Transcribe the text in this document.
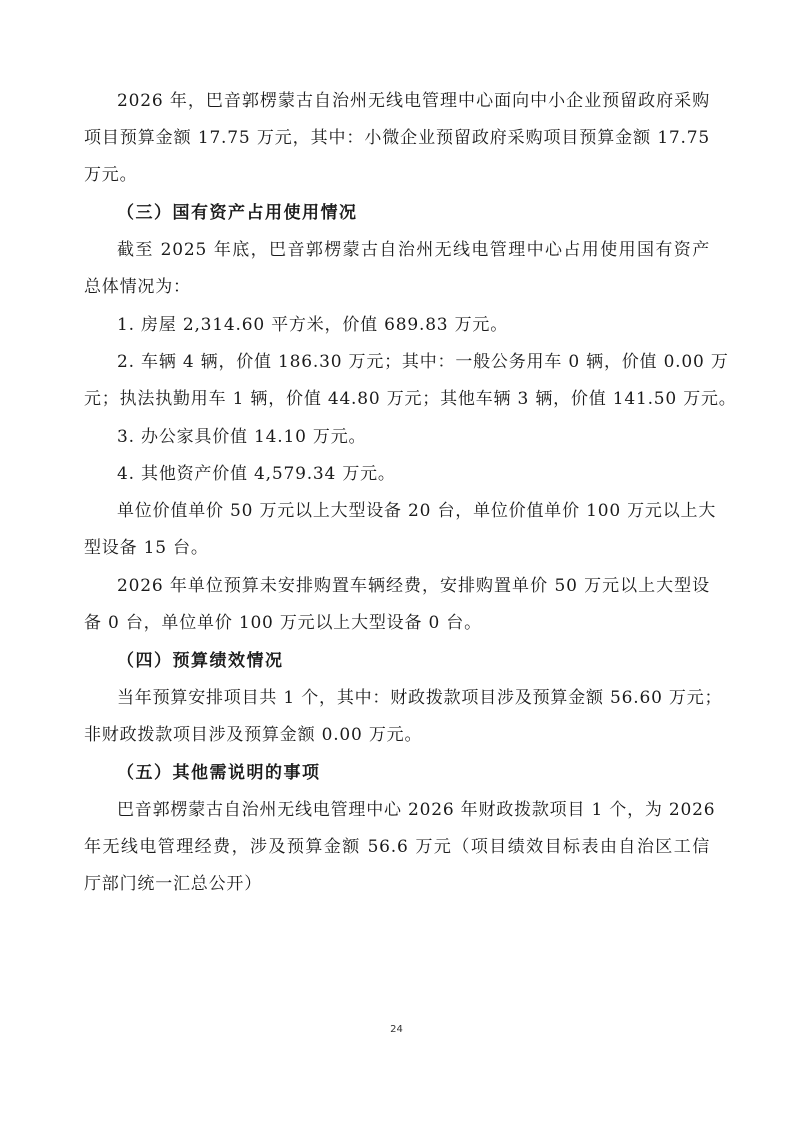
2026 年，巴音郭楞蒙古自治州无线电管理中心面向中小企业预留政府采购
项目预算金额 17.75 万元，其中：小微企业预留政府采购项目预算金额 17.75
万元。
（三）国有资产占用使用情况
截至 2025 年底，巴音郭楞蒙古自治州无线电管理中心占用使用国有资产
总体情况为：
1. 房屋 2,314.60 平方米，价值 689.83 万元。
2. 车辆 4 辆，价值 186.30 万元；其中：一般公务用车 0 辆，价值 0.00 万
元；执法执勤用车 1 辆，价值 44.80 万元；其他车辆 3 辆，价值 141.50 万元。
3. 办公家具价值 14.10 万元。
4. 其他资产价值 4,579.34 万元。
单位价值单价 50 万元以上大型设备 20 台，单位价值单价 100 万元以上大
型设备 15 台。
2026 年单位预算未安排购置车辆经费，安排购置单价 50 万元以上大型设
备 0 台，单位单价 100 万元以上大型设备 0 台。
（四）预算绩效情况
当年预算安排项目共 1 个，其中：财政拨款项目涉及预算金额 56.60 万元；
非财政拨款项目涉及预算金额 0.00 万元。
（五）其他需说明的事项
巴音郭楞蒙古自治州无线电管理中心 2026 年财政拨款项目 1 个，为 2026
年无线电管理经费，涉及预算金额 56.6 万元（项目绩效目标表由自治区工信
厅部门统一汇总公开）
24
